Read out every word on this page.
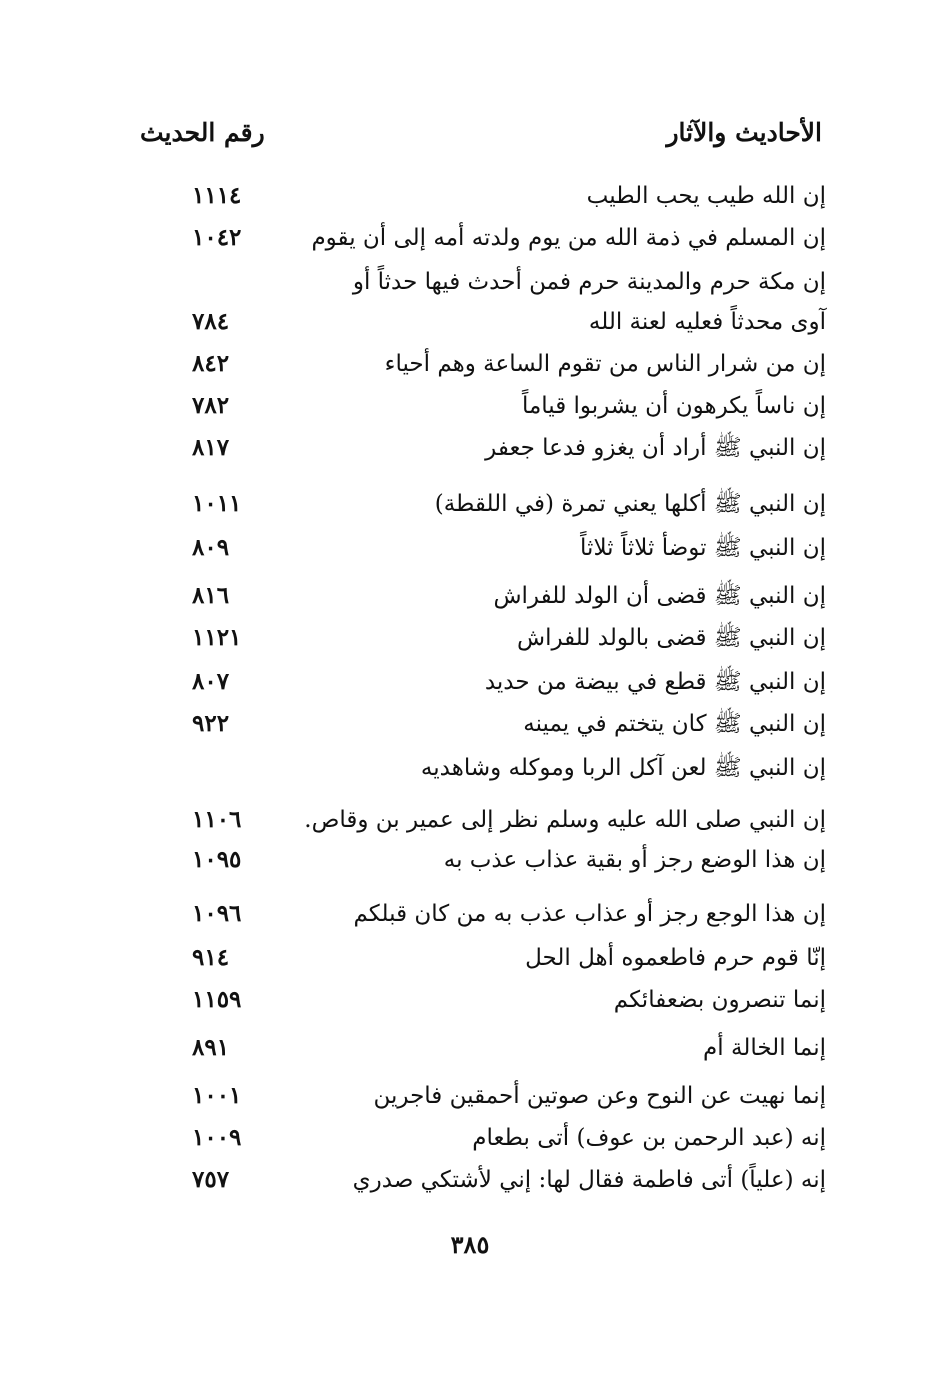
الأحاديث والآثار
رقم الحديث
إن الله طيب يحب الطيب
١١١٤
إن المسلم في ذمة الله من يوم ولدته أمه إلى أن يقوم
١٠٤٢
إن مكة حرم والمدينة حرم فمن أحدث فيها حدثاً أو
آوى محدثاً فعليه لعنة الله
٧٨٤
إن من شرار الناس من تقوم الساعة وهم أحياء
٨٤٢
إن ناساً يكرهون أن يشربوا قياماً
٧٨٢
إن النبي ﷺ أراد أن يغزو فدعا جعفر
٨١٧
إن النبي ﷺ أكلها يعني تمرة (في اللقطة)
١٠١١
إن النبي ﷺ توضأ ثلاثاً ثلاثاً
٨٠٩
إن النبي ﷺ قضى أن الولد للفراش
٨١٦
إن النبي ﷺ قضى بالولد للفراش
١١٢١
إن النبي ﷺ قطع في بيضة من حديد
٨٠٧
إن النبي ﷺ كان يتختم في يمينه
٩٢٢
إن النبي ﷺ لعن آكل الربا وموكله وشاهديه
إن النبي صلى الله عليه وسلم نظر إلى عمير بن وقاص.
١١٠٦
إن هذا الوضع رجز أو بقية عذاب عذب به
١٠٩٥
إن هذا الوجع رجز أو عذاب عذب به من كان قبلكم
١٠٩٦
إنّا قوم حرم فاطعموه أهل الحل
٩١٤
إنما تنصرون بضعفائكم
١١٥٩
إنما الخالة أم
٨٩١
إنما نهيت عن النوح وعن صوتين أحمقين فاجرين
١٠٠١
إنه (عبد الرحمن بن عوف) أتى بطعام
١٠٠٩
إنه (علياً) أتى فاطمة فقال لها: إني لأشتكي صدري
٧٥٧
٣٨٥
